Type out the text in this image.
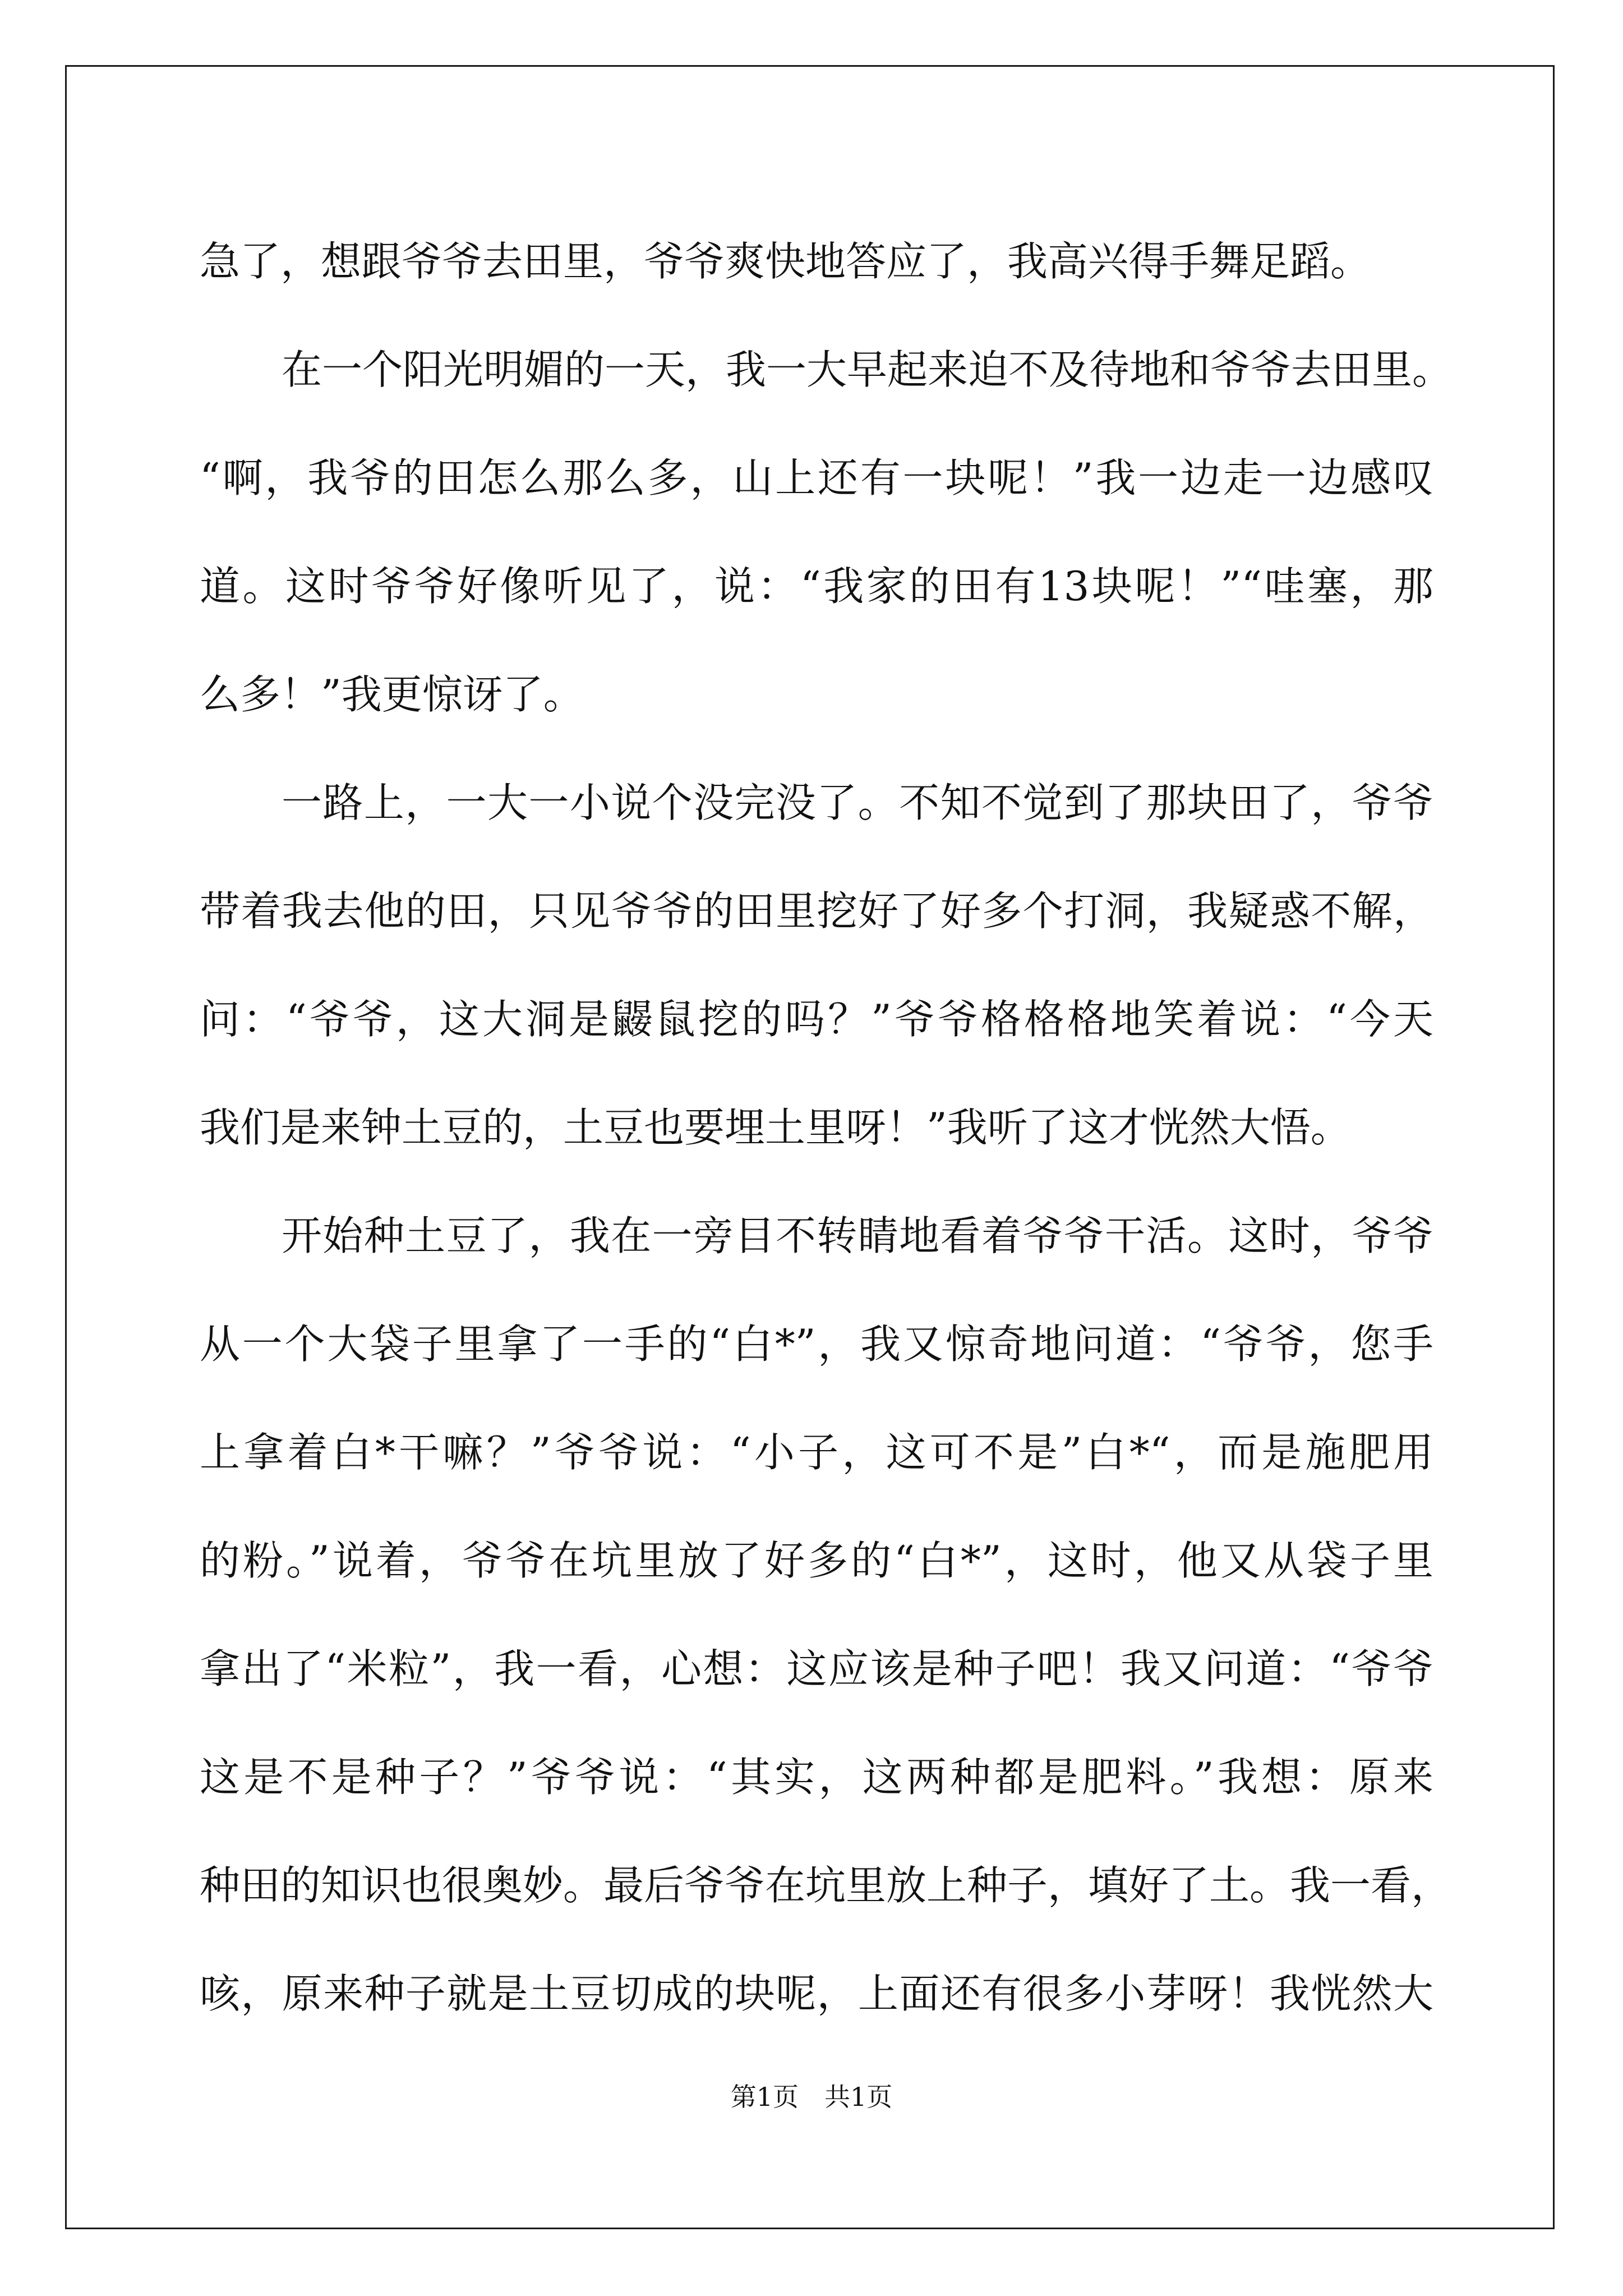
急了，想跟爷爷去田里，爷爷爽快地答应了，我高兴得手舞足蹈。
在一个阳光明媚的一天，我一大早起来迫不及待地和爷爷去田里。
“啊，我爷的田怎么那么多，山上还有一块呢！”我一边走一边感叹
道。这时爷爷好像听见了，说：“我家的田有13块呢！”“哇塞，那
么多！”我更惊讶了。
一路上，一大一小说个没完没了。不知不觉到了那块田了，爷爷
带着我去他的田，只见爷爷的田里挖好了好多个打洞，我疑惑不解，
问：“爷爷，这大洞是鼹鼠挖的吗？”爷爷格格格地笑着说：“今天
我们是来钟土豆的，土豆也要埋土里呀！”我听了这才恍然大悟。
开始种土豆了，我在一旁目不转睛地看着爷爷干活。这时，爷爷
从一个大袋子里拿了一手的“白*”，我又惊奇地问道：“爷爷，您手
上拿着白*干嘛？”爷爷说：“小子，这可不是”白*“，而是施肥用
的粉。”说着，爷爷在坑里放了好多的“白*”，这时，他又从袋子里
拿出了“米粒”，我一看，心想：这应该是种子吧！我又问道：“爷爷
这是不是种子？”爷爷说：“其实，这两种都是肥料。”我想：原来
种田的知识也很奥妙。最后爷爷在坑里放上种子，填好了土。我一看，
咳，原来种子就是土豆切成的块呢，上面还有很多小芽呀！我恍然大
第1页　共1页
